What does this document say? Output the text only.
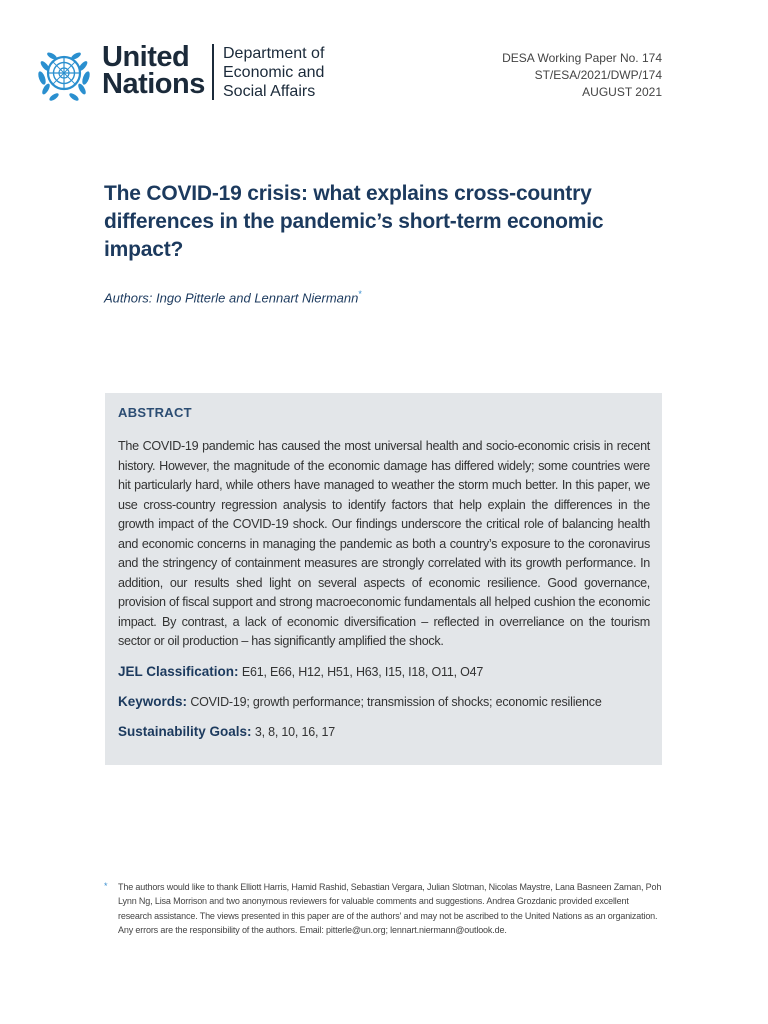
United
Nations
Department of
Economic and
Social Affairs
DESA Working Paper No. 174
ST/ESA/2021/DWP/174
AUGUST 2021
The COVID-19 crisis: what explains cross-country differences in the pandemic’s short-term economic impact?
Authors: Ingo Pitterle and Lennart Niermann*
ABSTRACT

The COVID-19 pandemic has caused the most universal health and socio-economic crisis in recent history. However, the magnitude of the economic damage has differed widely; some countries were hit particularly hard, while others have managed to weather the storm much better. In this paper, we use cross-country regression analysis to identify factors that help explain the differences in the growth impact of the COVID-19 shock. Our findings underscore the critical role of balancing health and economic concerns in managing the pandemic as both a country’s exposure to the coronavirus and the stringency of containment measures are strongly correlated with its growth performance. In addition, our results shed light on several aspects of economic resilience. Good governance, provision of fiscal support and strong macroeconomic fundamentals all helped cushion the economic impact. By contrast, a lack of economic diversification – reflected in overreliance on the tourism sector or oil production – has significantly amplified the shock.

JEL Classification: E61, E66, H12, H51, H63, I15, I18, O11, O47
Keywords: COVID-19; growth performance; transmission of shocks; economic resilience
Sustainability Goals: 3, 8, 10, 16, 17
* The authors would like to thank Elliott Harris, Hamid Rashid, Sebastian Vergara, Julian Slotman, Nicolas Maystre, Lana Basneen Zaman, Poh Lynn Ng, Lisa Morrison and two anonymous reviewers for valuable comments and suggestions. Andrea Grozdanic provided excellent research assistance. The views presented in this paper are of the authors' and may not be ascribed to the United Nations as an organization. Any errors are the responsibility of the authors. Email: pitterle@un.org; lennart.niermann@outlook.de.
